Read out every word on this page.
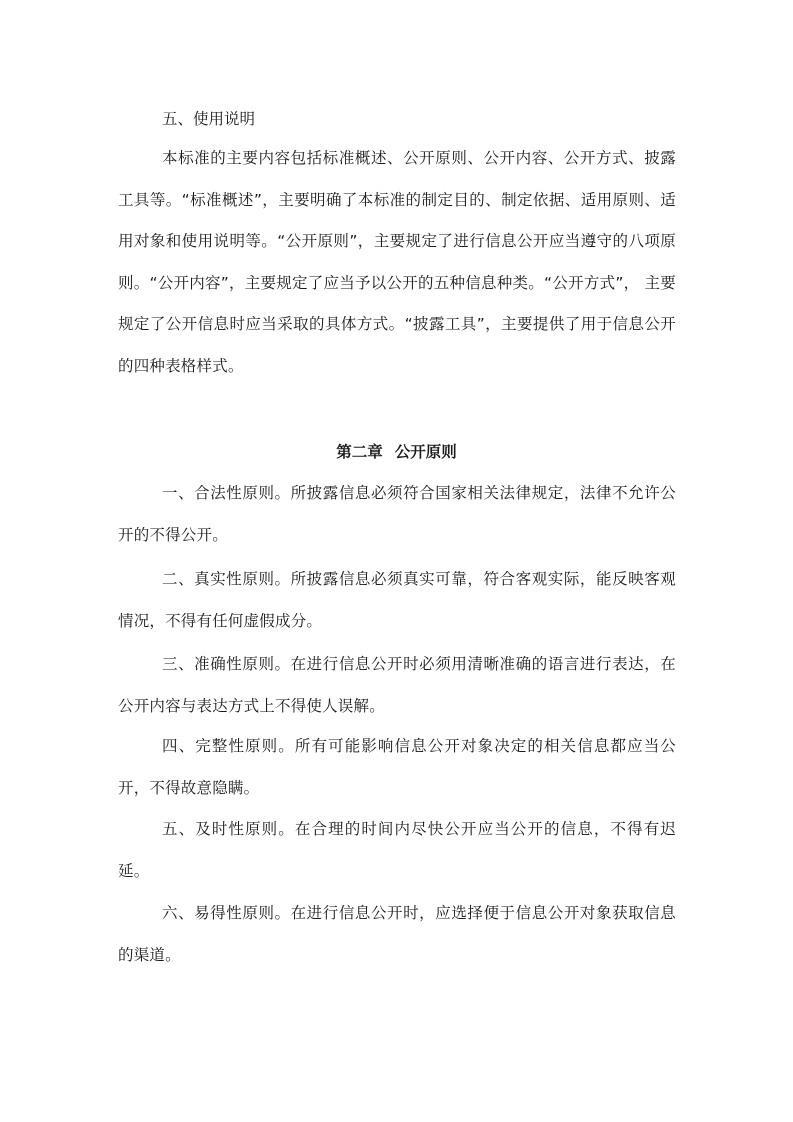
五、使用说明

本标准的主要内容包括标准概述、公开原则、公开内容、公开方式、披露工具等。“标准概述”，主要明确了本标准的制定目的、制定依据、适用原则、适用对象和使用说明等。“公开原则”，主要规定了进行信息公开应当遵守的八项原则。“公开内容”，主要规定了应当予以公开的五种信息种类。“公开方式”， 主要规定了公开信息时应当采取的具体方式。“披露工具”，主要提供了用于信息公开的四种表格样式。

第二章 公开原则

一、合法性原则。所披露信息必须符合国家相关法律规定，法律不允许公开的不得公开。

二、真实性原则。所披露信息必须真实可靠，符合客观实际，能反映客观情况，不得有任何虚假成分。

三、准确性原则。在进行信息公开时必须用清晰准确的语言进行表达，在公开内容与表达方式上不得使人误解。

四、完整性原则。所有可能影响信息公开对象决定的相关信息都应当公开，不得故意隐瞒。

五、及时性原则。在合理的时间内尽快公开应当公开的信息，不得有迟延。

六、易得性原则。在进行信息公开时，应选择便于信息公开对象获取信息的渠道。
